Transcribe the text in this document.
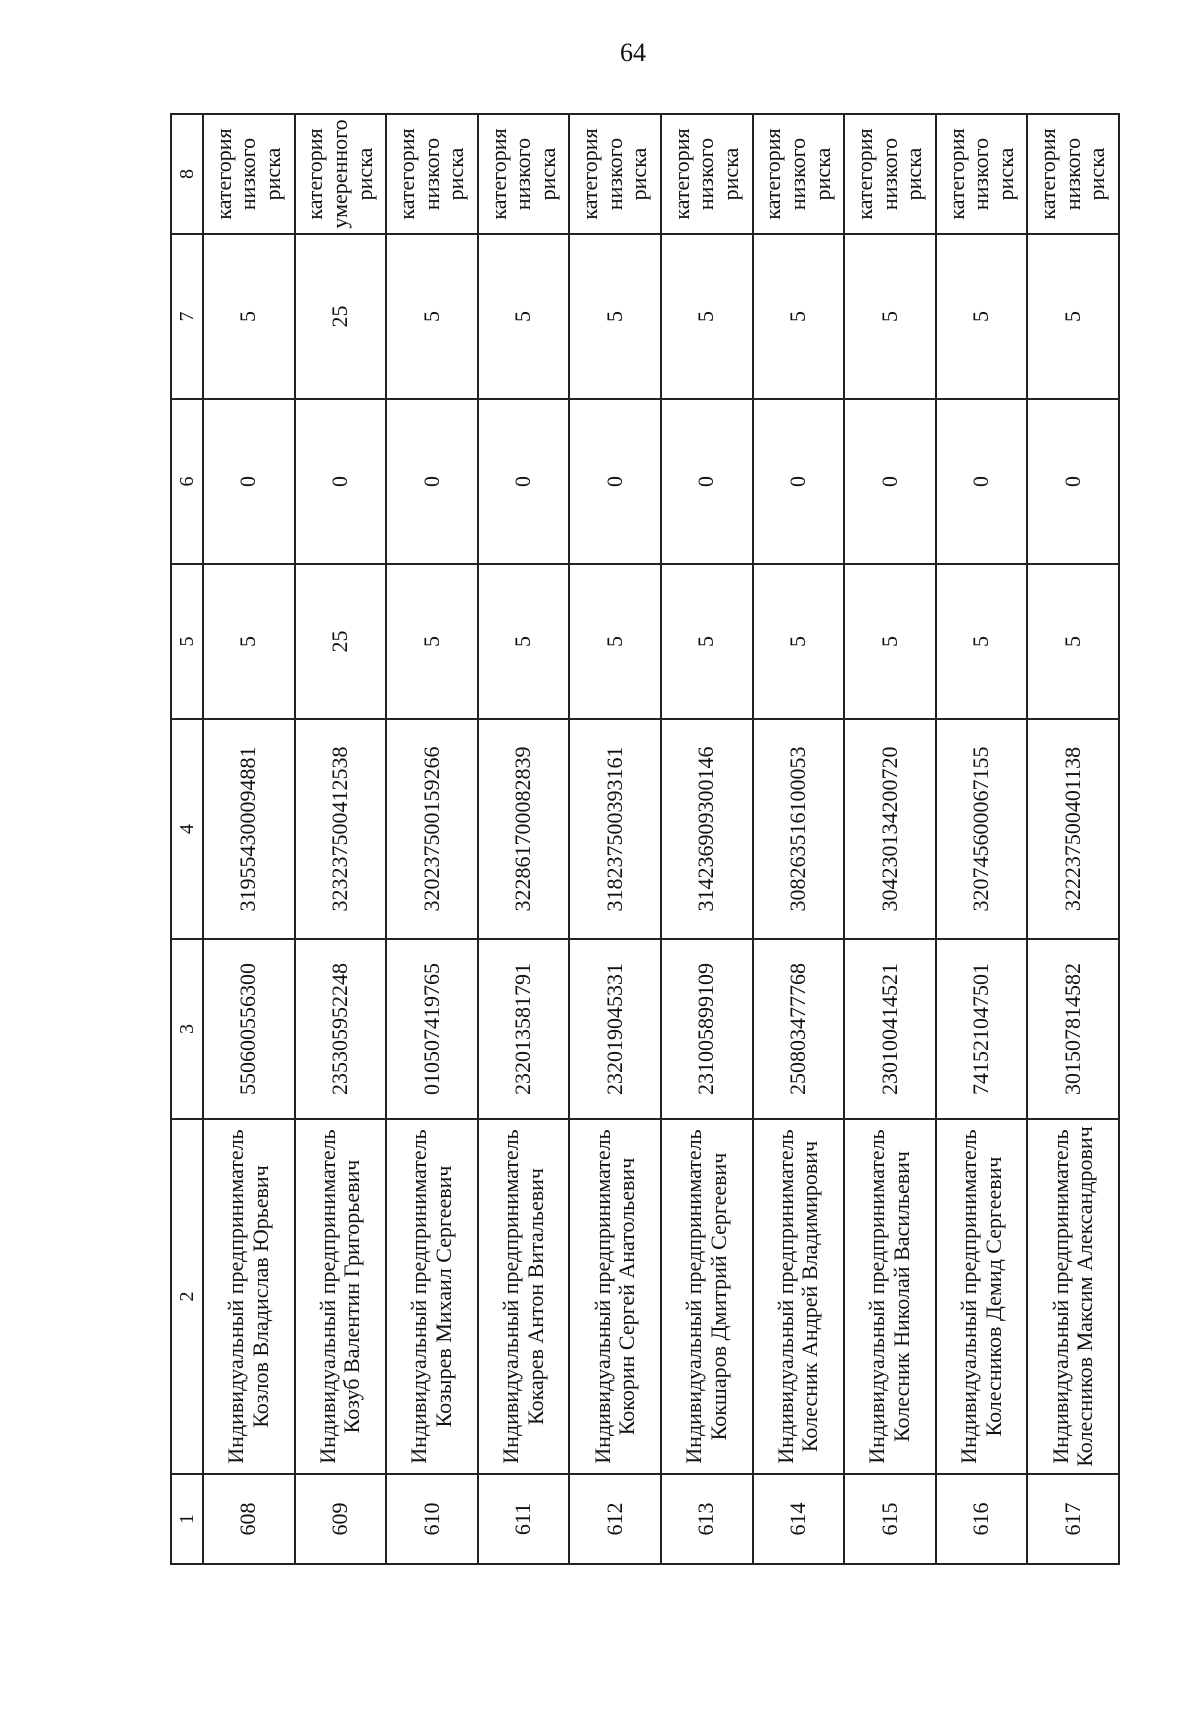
64
1	2	3	4	5	6	7	8
608	Индивидуальный предприниматель Козлов Владислав Юрьевич	550600556300	319554300094881	5	0	5	категория низкого риска
609	Индивидуальный предприниматель Козуб Валентин Григорьевич	235305952248	323237500412538	25	0	25	категория умеренного риска
610	Индивидуальный предприниматель Козырев Михаил Сергеевич	010507419765	320237500159266	5	0	5	категория низкого риска
611	Индивидуальный предприниматель Кокарев Антон Витальевич	232013581791	322861700082839	5	0	5	категория низкого риска
612	Индивидуальный предприниматель Кокорин Сергей Анатольевич	232019045331	318237500393161	5	0	5	категория низкого риска
613	Индивидуальный предприниматель Кокшаров Дмитрий Сергеевич	231005899109	314236909300146	5	0	5	категория низкого риска
614	Индивидуальный предприниматель Колесник Андрей Владимирович	250803477768	308263516100053	5	0	5	категория низкого риска
615	Индивидуальный предприниматель Колесник Николай Васильевич	230100414521	304230134200720	5	0	5	категория низкого риска
616	Индивидуальный предприниматель Колесников Демид Сергеевич	741521047501	320745600067155	5	0	5	категория низкого риска
617	Индивидуальный предприниматель Колесников Максим Александрович	301507814582	322237500401138	5	0	5	категория низкого риска
